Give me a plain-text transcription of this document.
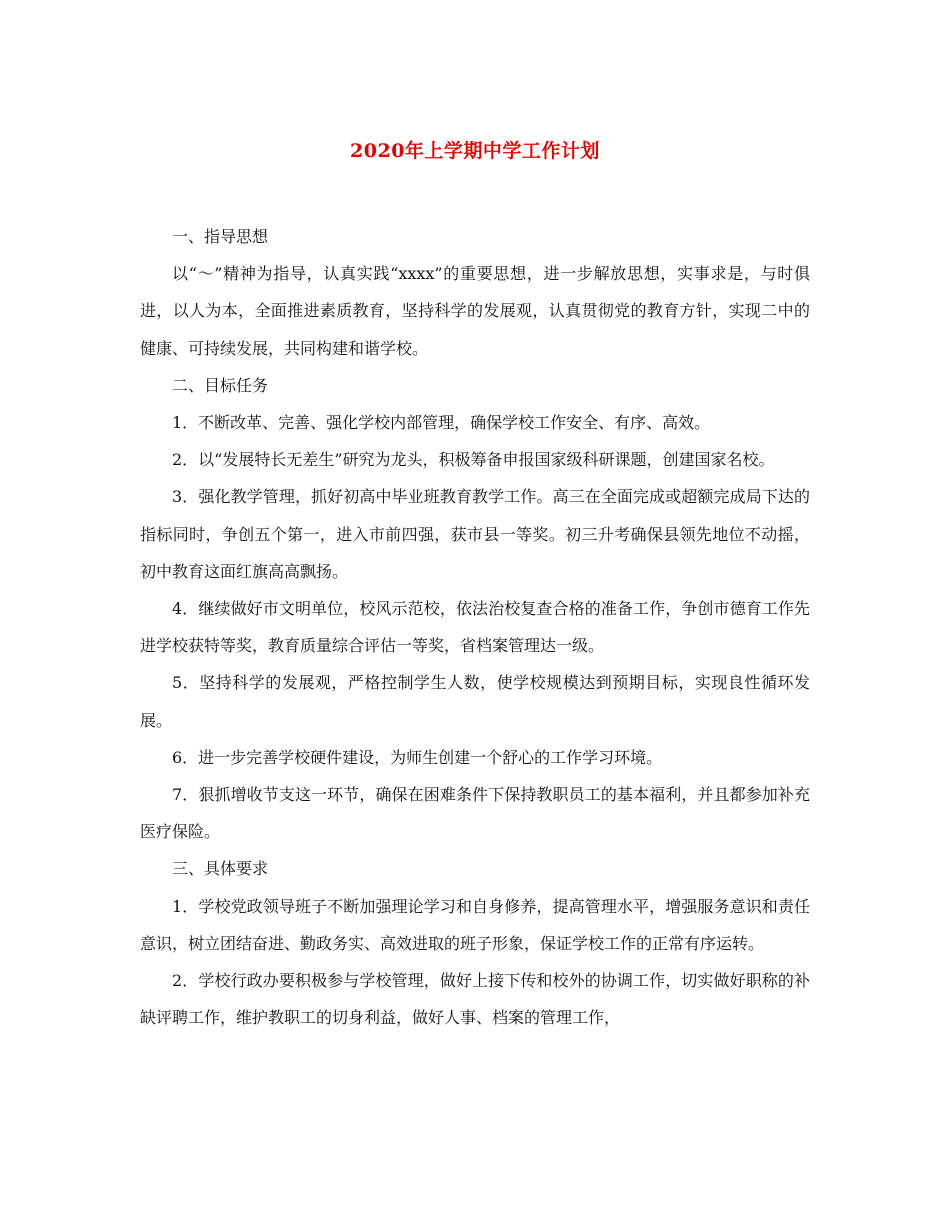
2020年上学期中学工作计划

一、指导思想

以“～”精神为指导，认真实践“xxxx”的重要思想，进一步解放思想，实事求是，与时俱进，以人为本，全面推进素质教育，坚持科学的发展观，认真贯彻党的教育方针，实现二中的健康、可持续发展，共同构建和谐学校。

二、目标任务

1．不断改革、完善、强化学校内部管理，确保学校工作安全、有序、高效。

2．以“发展特长无差生”研究为龙头，积极筹备申报国家级科研课题，创建国家名校。

3．强化教学管理，抓好初高中毕业班教育教学工作。高三在全面完成或超额完成局下达的指标同时，争创五个第一，进入市前四强，获市县一等奖。初三升考确保县领先地位不动摇，初中教育这面红旗高高飘扬。

4．继续做好市文明单位，校风示范校，依法治校复查合格的准备工作，争创市德育工作先进学校获特等奖，教育质量综合评估一等奖，省档案管理达一级。

5．坚持科学的发展观，严格控制学生人数，使学校规模达到预期目标，实现良性循环发展。

6．进一步完善学校硬件建设，为师生创建一个舒心的工作学习环境。

7．狠抓增收节支这一环节，确保在困难条件下保持教职员工的基本福利，并且都参加补充医疗保险。

三、具体要求

1．学校党政领导班子不断加强理论学习和自身修养，提高管理水平，增强服务意识和责任意识，树立团结奋进、勤政务实、高效进取的班子形象，保证学校工作的正常有序运转。

2．学校行政办要积极参与学校管理，做好上接下传和校外的协调工作，切实做好职称的补缺评聘工作，维护教职工的切身利益，做好人事、档案的管理工作，
